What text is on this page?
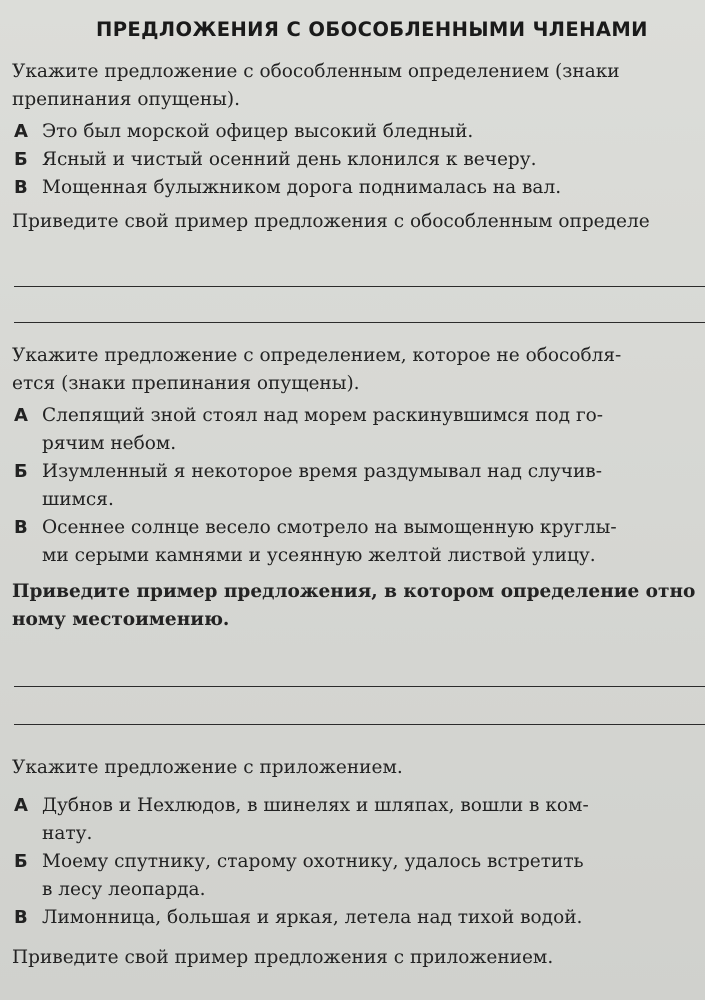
ПРЕДЛОЖЕНИЯ С ОБОСОБЛЕННЫМИ ЧЛЕНАМИ
Укажите предложение с обособленным определением (знаки
препинания опущены).
А Это был морской офицер высокий бледный.
Б Ясный и чистый осенний день клонился к вечеру.
В Мощенная булыжником дорога поднималась на вал.
Приведите свой пример предложения с обособленным определе
Укажите предложение с определением, которое не обособля-
ется (знаки препинания опущены).
А Слепящий зной стоял над морем раскинувшимся под го-
рячим небом.
Б Изумленный я некоторое время раздумывал над случив-
шимся.
В Осеннее солнце весело смотрело на вымощенную круглы-
ми серыми камнями и усеянную желтой листвой улицу.
Приведите пример предложения, в котором определение отно
ному местоимению.
Укажите предложение с приложением.
А Дубнов и Нехлюдов, в шинелях и шляпах, вошли в ком-
нату.
Б Моему спутнику, старому охотнику, удалось встретить
в лесу леопарда.
В Лимонница, большая и яркая, летела над тихой водой.
Приведите свой пример предложения с приложением.
